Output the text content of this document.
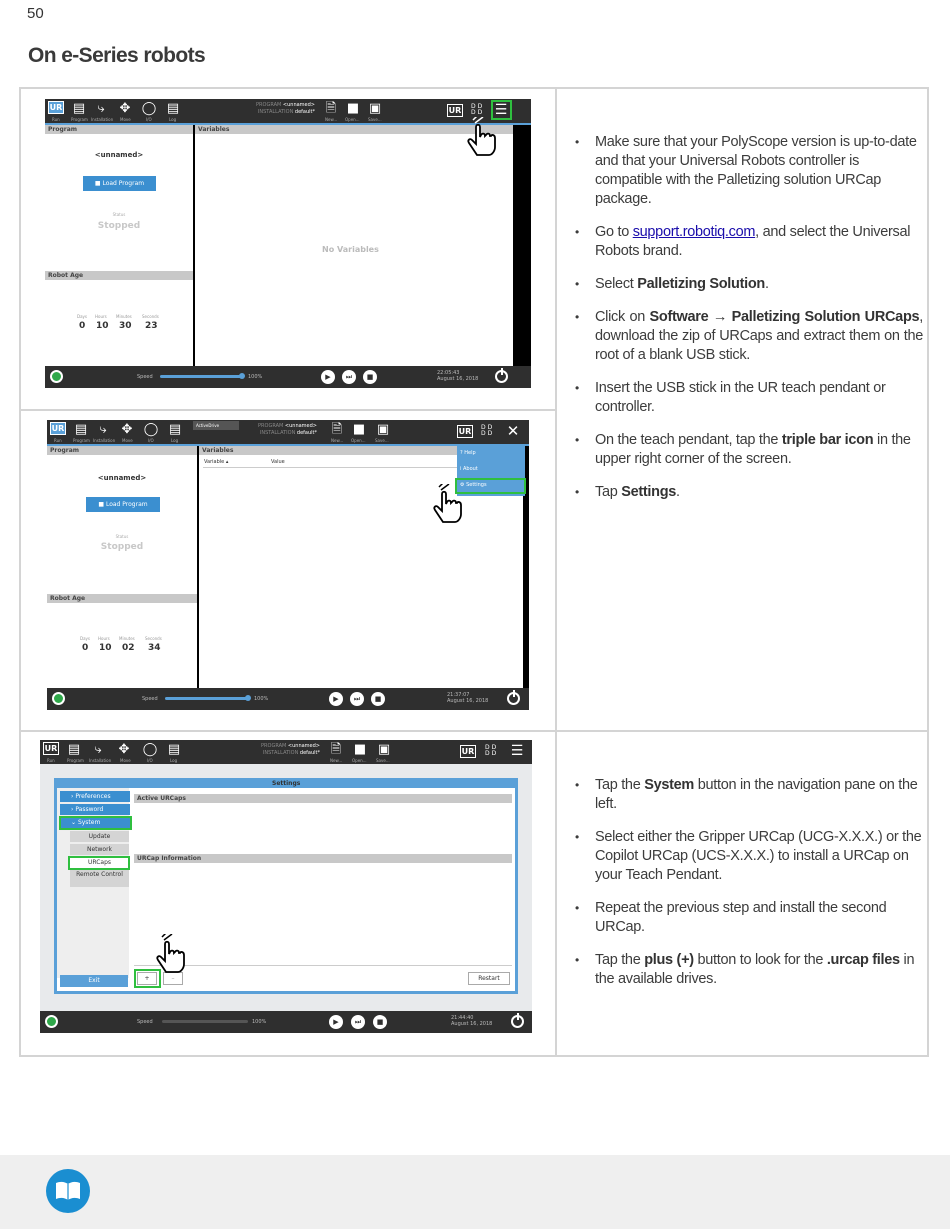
50
On e-Series robots
UR ▤ ⤷	✥ ◯ ▤
Run	Program Installation Move	I/O	Log
PROGRAM <unnamed>
INSTALLATION default* 🗎 ■ ▣
New... Open... Save...
UR DD
DD ☰
Program
<unnamed>
■ Load Program
Status
Stopped
Robot Age
Days Hours Minutes	Seconds
0 10 30 23
Variables
No Variables
Speed	100%	▶	⏭	■	22:05:43
August 16, 2018
UR ▤ ⤷	✥ ◯ ▤
Run	Program Installation Move	I/O	Log
ActiveDrive	PROGRAM <unnamed>
INSTALLATION default* 🗎 ■ ▣
New... Open... Save...
UR DD
DD ✕
Program
<unnamed>
■ Load Program
Status
Stopped
Robot Age
Days Hours Minutes	Seconds
0 10 02 34
Variables
Variable ▴	Value
? Help
i About
⚙ Settings
Speed	100%	▶	⏭	■	21:37:07
August 16, 2018
UR ▤	⤷	✥ ◯ ▤
Run	Program Installation Move	I/O	Log
PROGRAM <unnamed>
INSTALLATION default* 🗎 ■ ▣
New... Open... Save...
UR DD
DD ☰
Settings
› Preferences
› Password
⌄ System
Update
Network
URCaps
Remote Control
Active URCaps
URCap Information
Exit	+	–	Restart
Speed	100%	▶	⏭	■	21:44:40
August 16, 2018
• Make sure that your PolyScope version is up-to-date and that your Universal Robots controller is compatible with the Palletizing solution URCap package.
• Go to support.robotiq.com, and select the Universal Robots brand.
• Select Palletizing Solution.
• Click on Software → Palletizing Solution URCaps, download the zip of URCaps and extract them on the root of a blank USB stick.
• Insert the USB stick in the UR teach pendant or controller.
• On the teach pendant, tap the triple bar icon in the upper right corner of the screen.
• Tap Settings.
• Tap the System button in the navigation pane on the left.
• Select either the Gripper URCap (UCG-X.X.X.) or the Copilot URCap (UCS-X.X.X.) to install a URCap on your Teach Pendant.
• Repeat the previous step and install the second URCap.
• Tap the plus (+) button to look for the .urcap files in the available drives.
